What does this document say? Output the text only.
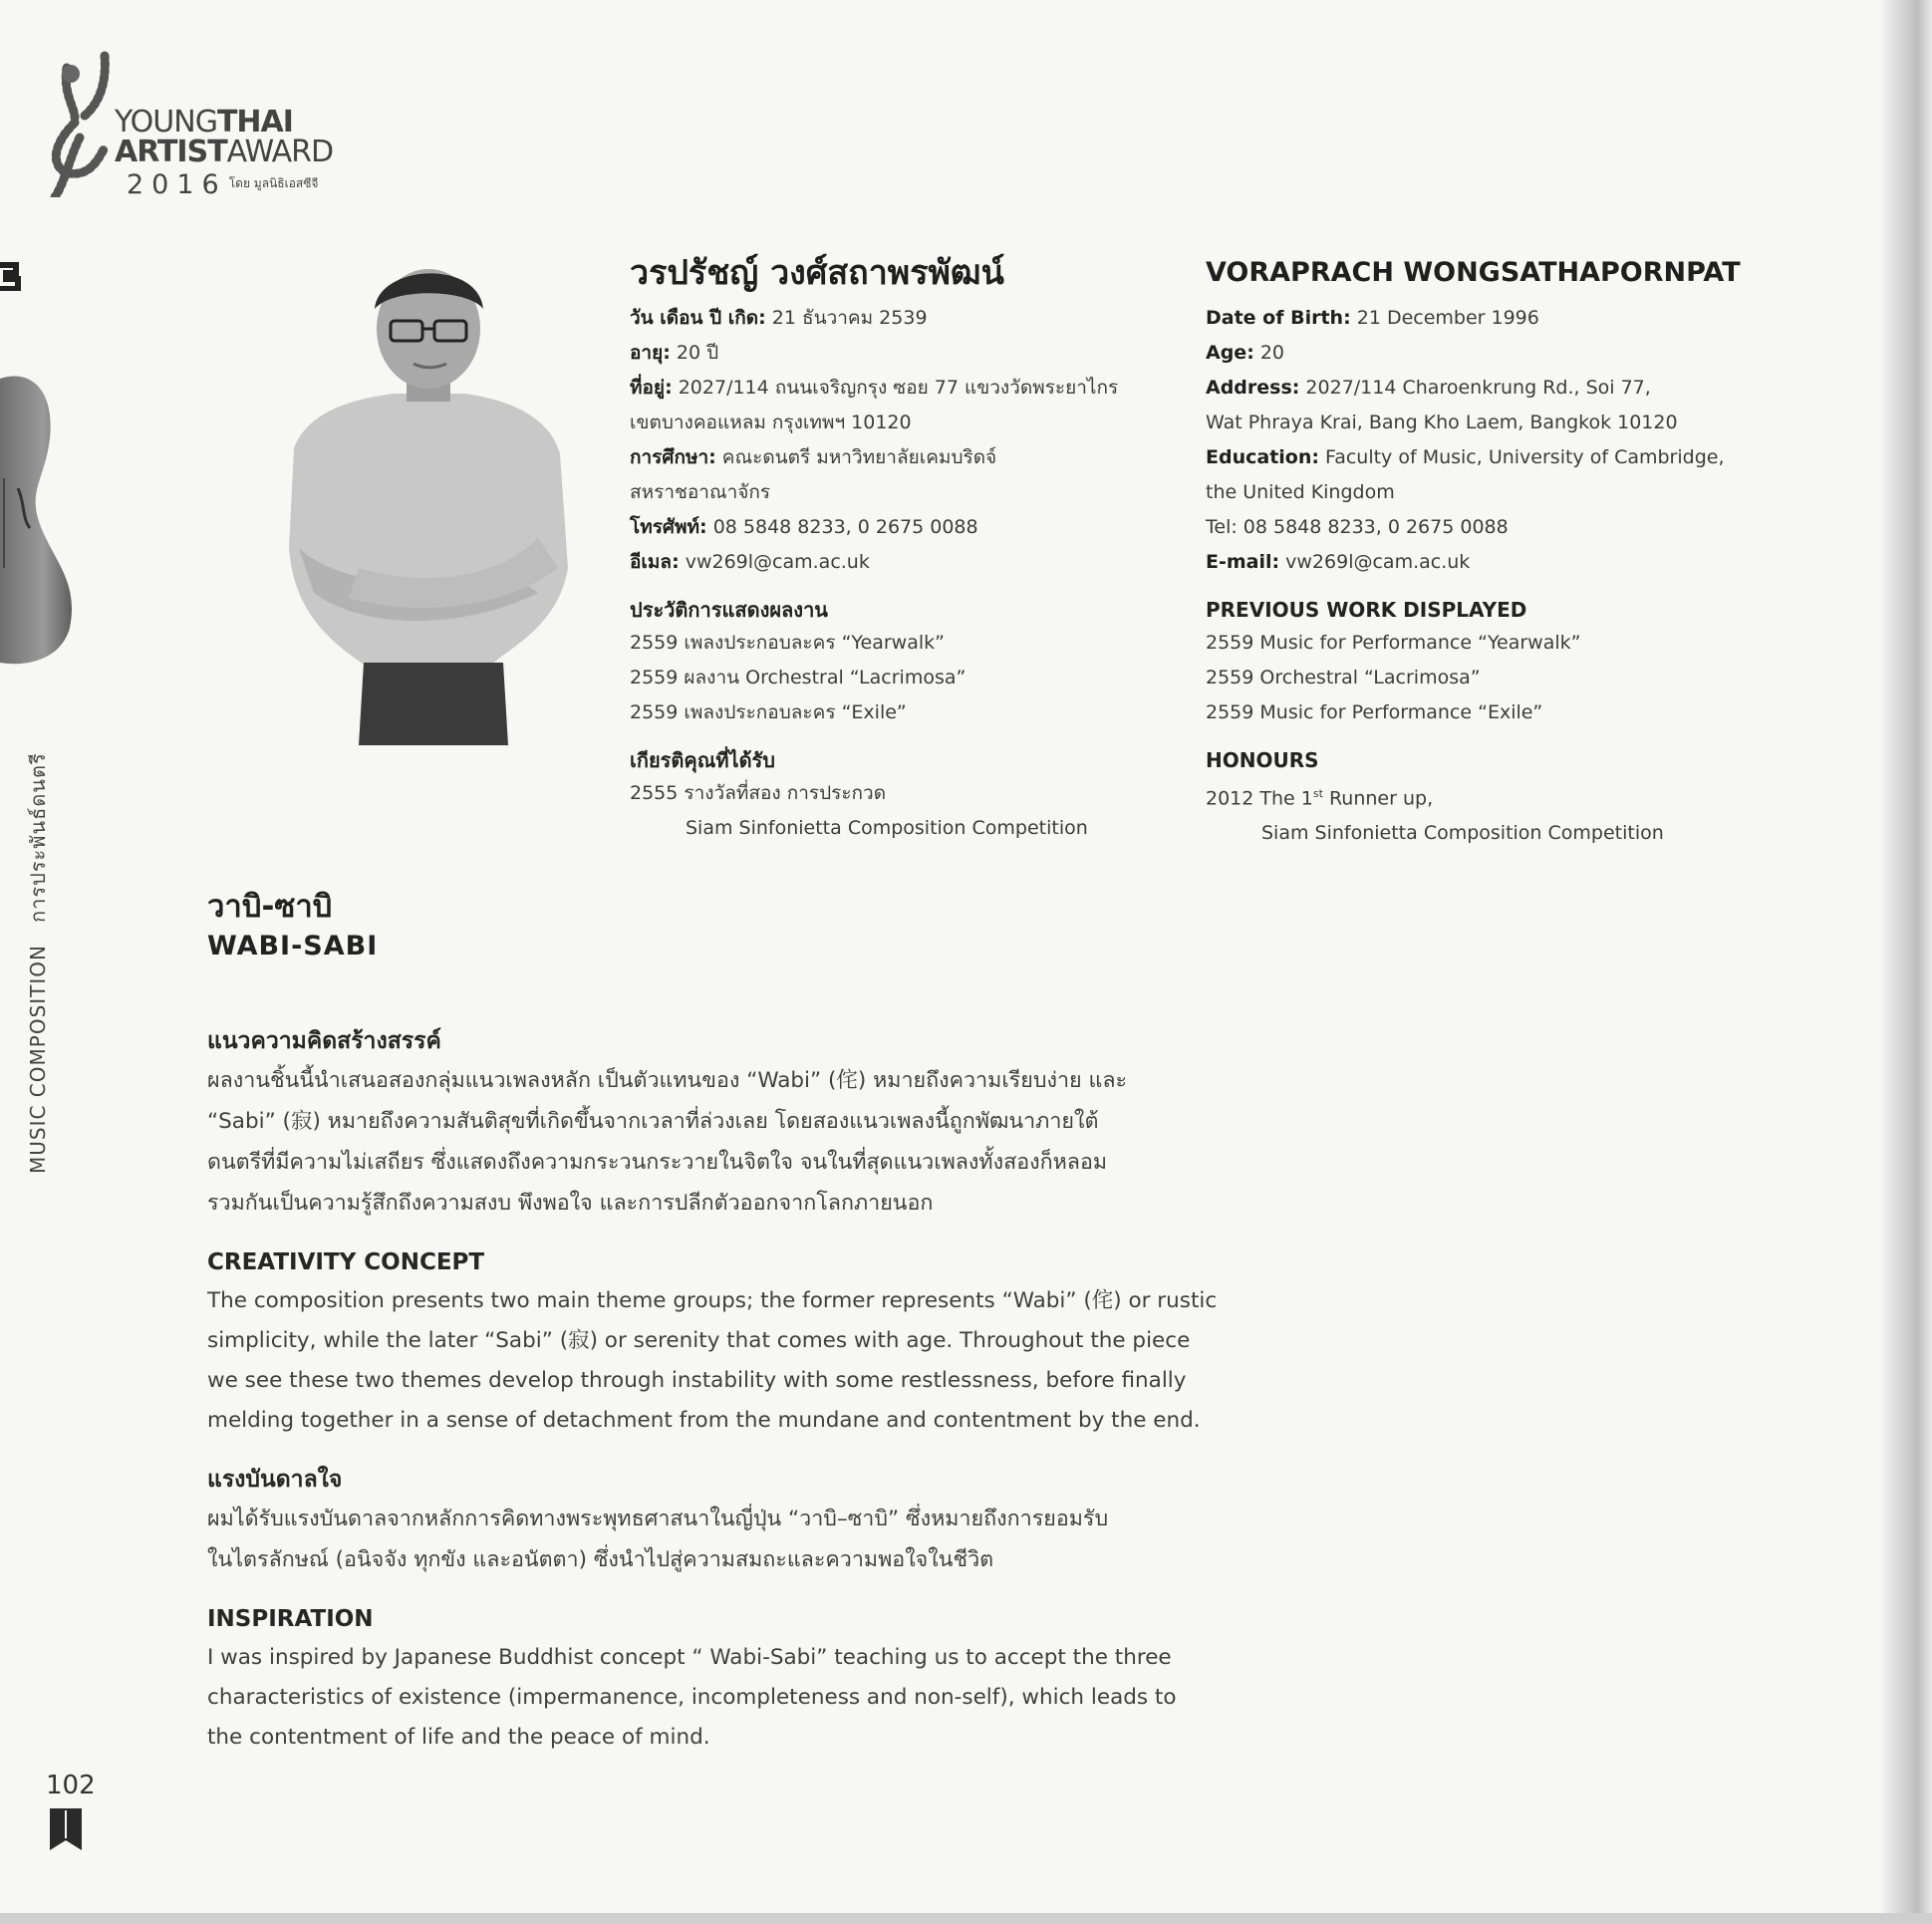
YOUNGTHAI
ARTISTAWARD
2016 $^{โดย มูลนิธิเอสซีจี}$
MUSIC COMPOSITIONการประพันธ์ดนตรี
วรปรัชญ์ วงศ์สถาพรพัฒน์
วัน เดือน ปี เกิด: 21 ธันวาคม 2539
อายุ: 20 ปี
ที่อยู่: 2027/114 ถนนเจริญกรุง ซอย 77 แขวงวัดพระยาไกร
เขตบางคอแหลม กรุงเทพฯ 10120
การศึกษา: คณะดนตรี มหาวิทยาลัยเคมบริดจ์
สหราชอาณาจักร
โทรศัพท์: 08 5848 8233, 0 2675 0088
อีเมล: vw269l@cam.ac.uk
ประวัติการแสดงผลงาน
2559 เพลงประกอบละคร “Yearwalk”
2559 ผลงาน Orchestral “Lacrimosa”
2559 เพลงประกอบละคร “Exile”
เกียรติคุณที่ได้รับ
2555 รางวัลที่สอง การประกวด
Siam Sinfonietta Composition Competition
VORAPRACH WONGSATHAPORNPAT
Date of Birth: 21 December 1996
Age: 20
Address: 2027/114 Charoenkrung Rd., Soi 77,
Wat Phraya Krai, Bang Kho Laem, Bangkok 10120
Education: Faculty of Music, University of Cambridge,
the United Kingdom
Tel: 08 5848 8233, 0 2675 0088
E-mail: vw269l@cam.ac.uk
PREVIOUS WORK DISPLAYED
2559 Music for Performance “Yearwalk”
2559 Orchestral “Lacrimosa”
2559 Music for Performance “Exile”
HONOURS
2012 The 1st Runner up,
Siam Sinfonietta Composition Competition
วาบิ-ซาบิ
WABI-SABI
แนวความคิดสร้างสรรค์

ผลงานชิ้นนี้นำเสนอสองกลุ่มแนวเพลงหลัก เป็นตัวแทนของ “Wabi” (侘) หมายถึงความเรียบง่าย และ
“Sabi” (寂) หมายถึงความสันติสุขที่เกิดขึ้นจากเวลาที่ล่วงเลย โดยสองแนวเพลงนี้ถูกพัฒนาภายใต้
ดนตรีที่มีความไม่เสถียร ซึ่งแสดงถึงความกระวนกระวายในจิตใจ จนในที่สุดแนวเพลงทั้งสองก็หลอม
รวมกันเป็นความรู้สึกถึงความสงบ พึงพอใจ และการปลีกตัวออกจากโลกภายนอก

CREATIVITY CONCEPT

The composition presents two main theme groups; the former represents “Wabi” (侘) or rustic
simplicity, while the later “Sabi” (寂) or serenity that comes with age. Throughout the piece
we see these two themes develop through instability with some restlessness, before finally
melding together in a sense of detachment from the mundane and contentment by the end.

แรงบันดาลใจ

ผมได้รับแรงบันดาลจากหลักการคิดทางพระพุทธศาสนาในญี่ปุ่น “วาบิ–ซาบิ” ซึ่งหมายถึงการยอมรับ
ในไตรลักษณ์ (อนิจจัง ทุกขัง และอนัตตา) ซึ่งนำไปสู่ความสมถะและความพอใจในชีวิต

INSPIRATION

I was inspired by Japanese Buddhist concept “ Wabi-Sabi” teaching us to accept the three
characteristics of existence (impermanence, incompleteness and non-self), which leads to
the contentment of life and the peace of mind.

102
